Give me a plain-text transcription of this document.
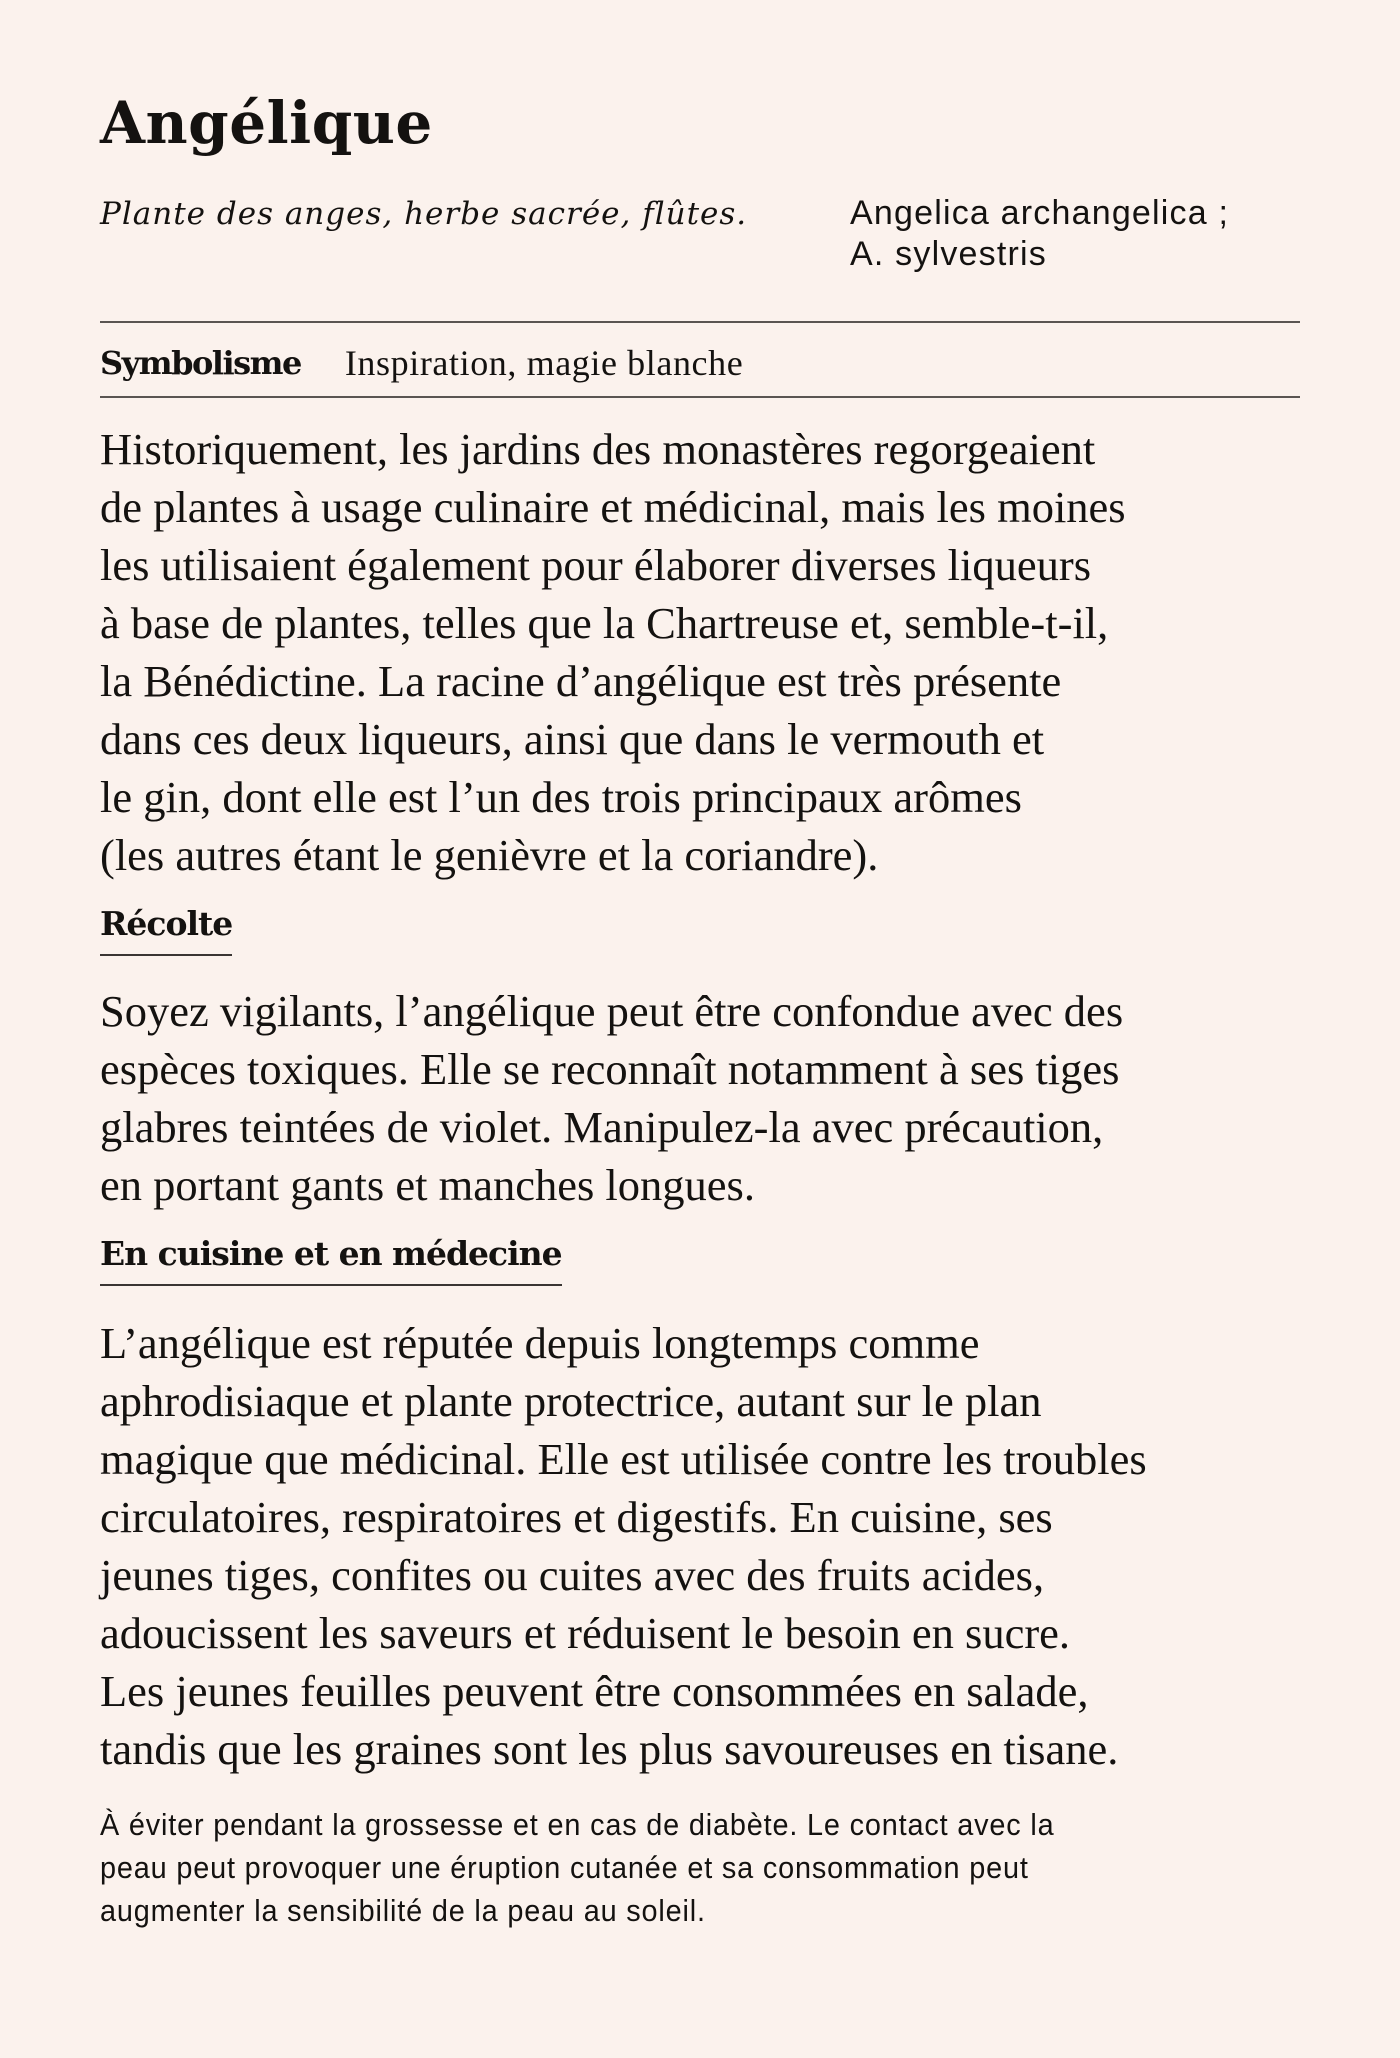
Angélique
Plante des anges, herbe sacrée, flûtes.	Angelica archangelica ;
A. sylvestris
Symbolisme Inspiration, magie blanche
Historiquement, les jardins des monastères regorgeaient
de plantes à usage culinaire et médicinal, mais les moines
les utilisaient également pour élaborer diverses liqueurs
à base de plantes, telles que la Chartreuse et, semble-t-il,
la Bénédictine. La racine d’angélique est très présente
dans ces deux liqueurs, ainsi que dans le vermouth et
le gin, dont elle est l’un des trois principaux arômes
(les autres étant le genièvre et la coriandre).
Récolte
Soyez vigilants, l’angélique peut être confondue avec des
espèces toxiques. Elle se reconnaît notamment à ses tiges
glabres teintées de violet. Manipulez-la avec précaution,
en portant gants et manches longues.
En cuisine et en médecine
L’angélique est réputée depuis longtemps comme
aphrodisiaque et plante protectrice, autant sur le plan
magique que médicinal. Elle est utilisée contre les troubles
circulatoires, respiratoires et digestifs. En cuisine, ses
jeunes tiges, confites ou cuites avec des fruits acides,
adoucissent les saveurs et réduisent le besoin en sucre.
Les jeunes feuilles peuvent être consommées en salade,
tandis que les graines sont les plus savoureuses en tisane.
À éviter pendant la grossesse et en cas de diabète. Le contact avec la
peau peut provoquer une éruption cutanée et sa consommation peut
augmenter la sensibilité de la peau au soleil.
